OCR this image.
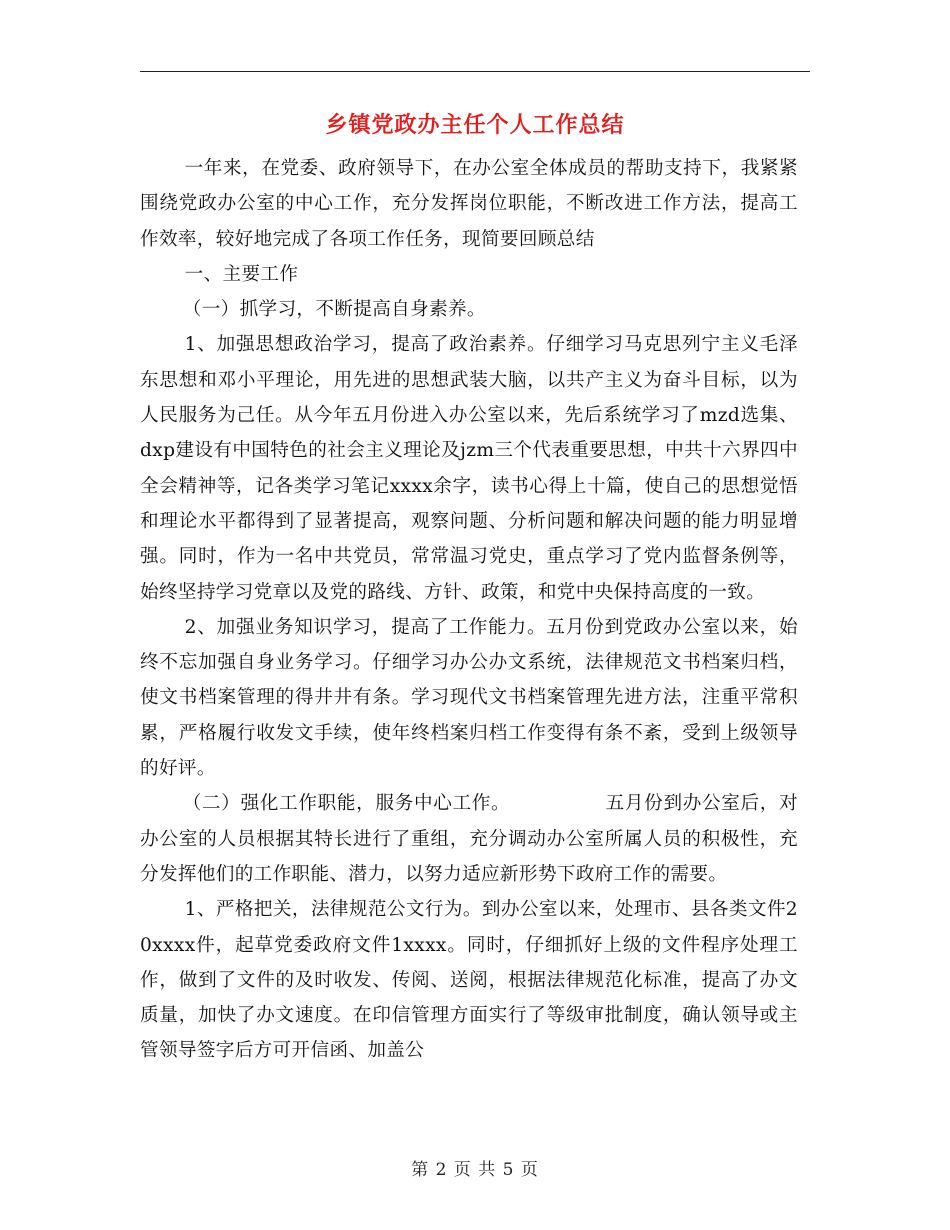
乡镇党政办主任个人工作总结

一年来，在党委、政府领导下，在办公室全体成员的帮助支持下，我紧紧围绕党政办公室的中心工作，充分发挥岗位职能，不断改进工作方法，提高工作效率，较好地完成了各项工作任务，现简要回顾总结

一、主要工作

（一）抓学习，不断提高自身素养。

1、加强思想政治学习，提高了政治素养。仔细学习马克思列宁主义毛泽东思想和邓小平理论，用先进的思想武装大脑，以共产主义为奋斗目标，以为人民服务为己任。从今年五月份进入办公室以来，先后系统学习了mzd选集、dxp建设有中国特色的社会主义理论及jzm三个代表重要思想，中共十六界四中全会精神等，记各类学习笔记xxxx余字，读书心得上十篇，使自己的思想觉悟和理论水平都得到了显著提高，观察问题、分析问题和解决问题的能力明显增强。同时，作为一名中共党员，常常温习党史，重点学习了党内监督条例等，始终坚持学习党章以及党的路线、方针、政策，和党中央保持高度的一致。

2、加强业务知识学习，提高了工作能力。五月份到党政办公室以来，始终不忘加强自身业务学习。仔细学习办公办文系统，法律规范文书档案归档，使文书档案管理的得井井有条。学习现代文书档案管理先进方法，注重平常积累，严格履行收发文手续，使年终档案归档工作变得有条不紊，受到上级领导的好评。

（二）强化工作职能，服务中心工作。	五月份到办公室后，对办公室的人员根据其特长进行了重组，充分调动办公室所属人员的积极性，充分发挥他们的工作职能、潜力，以努力适应新形势下政府工作的需要。

1、严格把关，法律规范公文行为。到办公室以来，处理市、县各类文件20xxxx件，起草党委政府文件1xxxx。同时，仔细抓好上级的文件程序处理工作，做到了文件的及时收发、传阅、送阅，根据法律规范化标准，提高了办文质量，加快了办文速度。在印信管理方面实行了等级审批制度，确认领导或主管领导签字后方可开信函、加盖公

第 2 页 共 5 页
